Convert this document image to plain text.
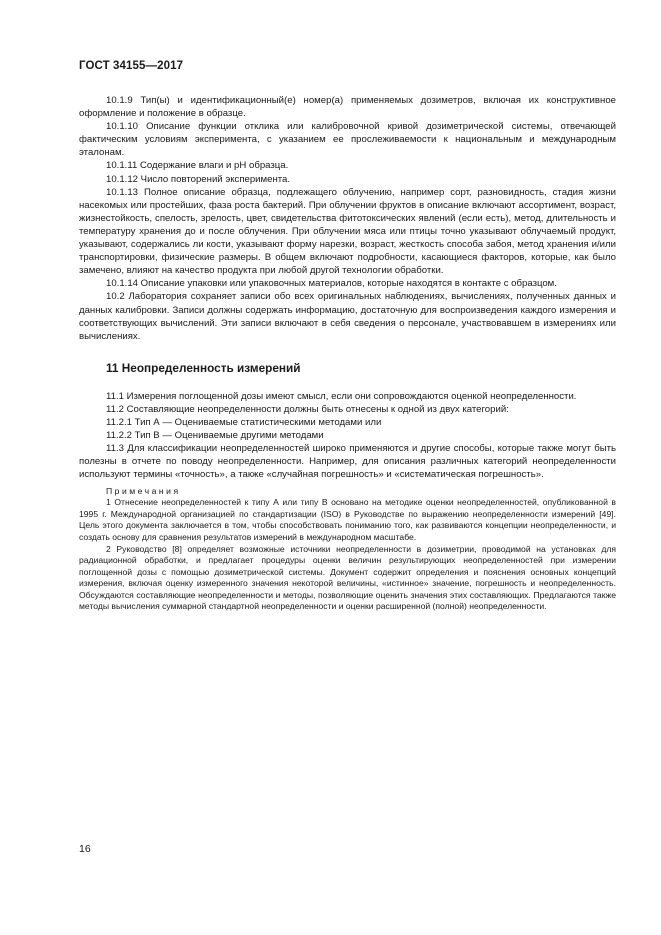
ГОСТ 34155—2017

10.1.9 Тип(ы) и идентификационный(е) номер(а) применяемых дозиметров, включая их конструктивное оформление и положение в образце.

10.1.10 Описание функции отклика или калибровочной кривой дозиметрической системы, отвечающей фактическим условиям эксперимента, с указанием ее прослеживаемости к национальным и международным эталонам.

10.1.11 Содержание влаги и pH образца.

10.1.12 Число повторений эксперимента.

10.1.13 Полное описание образца, подлежащего облучению, например сорт, разновидность, стадия жизни насекомых или простейших, фаза роста бактерий. При облучении фруктов в описание включают ассортимент, возраст, жизнестойкость, спелость, зрелость, цвет, свидетельства фитотоксических явлений (если есть), метод, длительность и температуру хранения до и после облучения. При облучении мяса или птицы точно указывают облучаемый продукт, указывают, содержались ли кости, указывают форму нарезки, возраст, жесткость способа забоя, метод хранения и/или транспортировки, физические размеры. В общем включают подробности, касающиеся факторов, которые, как было замечено, влияют на качество продукта при любой другой технологии обработки.

10.1.14 Описание упаковки или упаковочных материалов, которые находятся в контакте с образцом.

10.2 Лаборатория сохраняет записи обо всех оригинальных наблюдениях, вычислениях, полученных данных и данных калибровки. Записи должны содержать информацию, достаточную для воспроизведения каждого измерения и соответствующих вычислений. Эти записи включают в себя сведения о персонале, участвовавшем в измерениях или вычислениях.

11 Неопределенность измерений

11.1 Измерения поглощенной дозы имеют смысл, если они сопровождаются оценкой неопределенности.

11.2 Составляющие неопределенности должны быть отнесены к одной из двух категорий:

11.2.1 Тип А — Оцениваемые статистическими методами или

11.2.2 Тип В — Оцениваемые другими методами

11.3 Для классификации неопределенностей широко применяются и другие способы, которые также могут быть полезны в отчете по поводу неопределенности. Например, для описания различных категорий неопределенности используют термины «точность», а также «случайная погрешность» и «систематическая погрешность».

Примечания

1 Отнесение неопределенностей к типу А или типу В основано на методике оценки неопределенностей, опубликованной в 1995 г. Международной организацией по стандартизации (ISO) в Руководстве по выражению неопределенности измерений [49]. Цель этого документа заключается в том, чтобы способствовать пониманию того, как развиваются концепции неопределенности, и создать основу для сравнения результатов измерений в международном масштабе.

2 Руководство [8] определяет возможные источники неопределенности в дозиметрии, проводимой на установках для радиационной обработки, и предлагает процедуры оценки величин результирующих неопределенностей при измерении поглощенной дозы с помощью дозиметрической системы. Документ содержит определения и пояснения основных концепций измерения, включая оценку измеренного значения некоторой величины, «истинное» значение, погрешность и неопределенность. Обсуждаются составляющие неопределенности и методы, позволяющие оценить значения этих составляющих. Предлагаются также методы вычисления суммарной стандартной неопределенности и оценки расширенной (полной) неопределенности.

16
